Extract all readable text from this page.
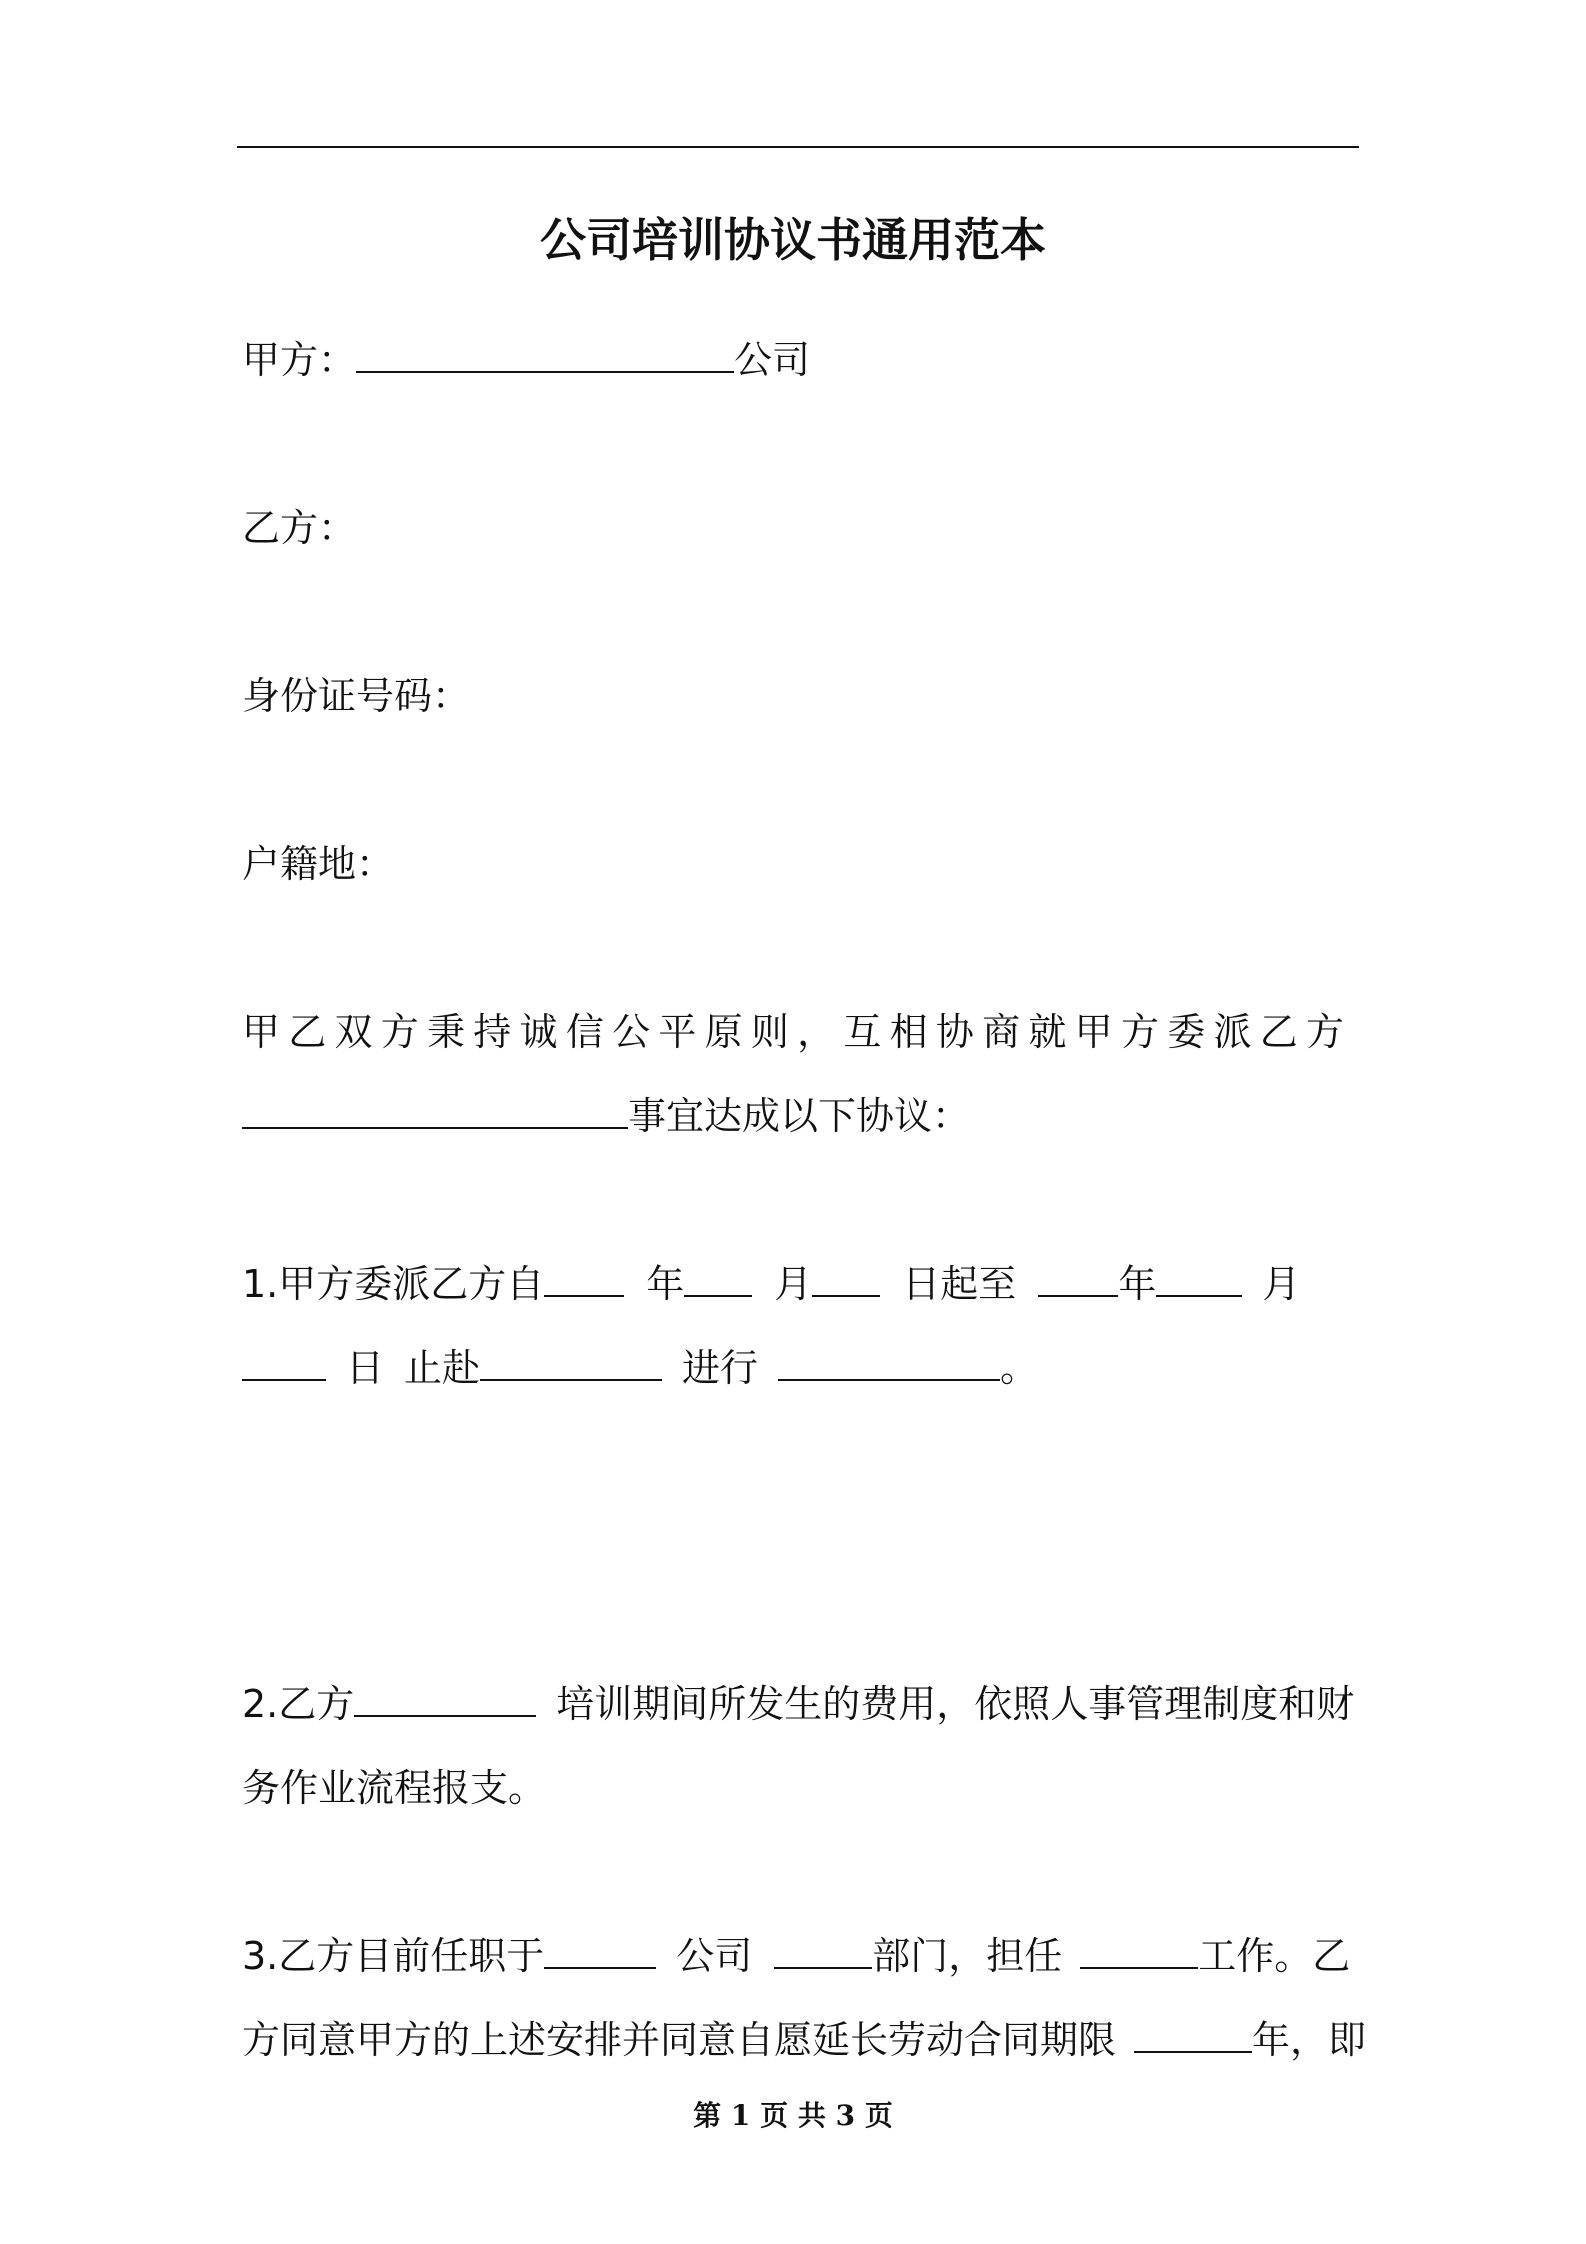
公司培训协议书通用范本
甲方：	公司
乙方：
身份证号码：
户籍地：
甲乙双方秉持诚信公平原则，互相协商就甲方委派乙方
事宜达成以下协议：
1.甲方委派乙方自	年 月 日起至	年	月
日 止赴	进行	。
2.乙方	培训期间所发生的费用，依照人事管理制度和财
务作业流程报支。
3.乙方目前任职于	公司	部门，担任	工作。乙
方同意甲方的上述安排并同意自愿延长劳动合同期限	年，即
第 1 页 共 3 页
